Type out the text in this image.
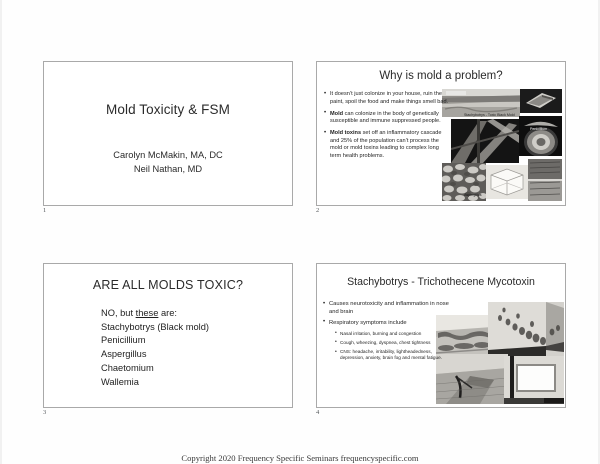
Mold Toxicity & FSM
Carolyn McMakin, MA, DC
Neil Nathan, MD
1
Why is mold a problem?
Stachybotrys - Toxic Black Mold
Penicillium
Aspergillus
• It doesn’t just colonize in your house, ruin the paint, spoil the food and make things smell bad.
• Mold can colonize in the body of genetically susceptible and immune suppressed people.
• Mold toxins set off an inflammatory cascade and 25% of the population can’t process the mold or mold toxins leading to complex long term health problems.
2
ARE ALL MOLDS TOXIC?
NO, but these are:
Stachybotrys (Black mold)
Penicillium
Aspergillus
Chaetomium
Wallemia
3
Stachybotrys - Trichothecene Mycotoxin
• Causes neurotoxicity and inflammation in nose and brain
• Respiratory symptoms include
• Nasal irritation, burning and congestion
• Cough, wheezing, dyspnea, chest tightness
• CNS: headache, irritability, lightheadedness, depression, anxiety, brain fog and mental fatigue.
4
Copyright 2020 Frequency Specific Seminars frequencyspecific.com
